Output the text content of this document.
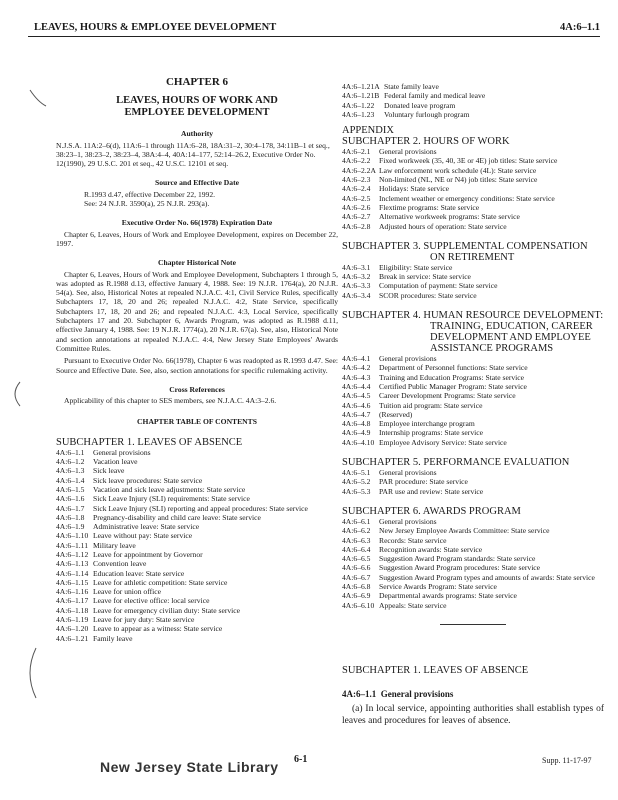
LEAVES, HOURS & EMPLOYEE DEVELOPMENT	4A:6–1.1
CHAPTER 6
LEAVES, HOURS OF WORK AND
EMPLOYEE DEVELOPMENT
Authority
N.J.S.A. 11A:2–6(d), 11A:6–1 through 11A:6–28, 18A:31–2, 30:4–178, 34:11B–1 et seq., 38:23–1, 38:23–2, 38:23–4, 38A:4–4, 40A:14–177, 52:14–26.2, Executive Order No. 12(1990), 29 U.S.C. 201 et seq., 42 U.S.C. 12101 et seq.
Source and Effective Date
R.1993 d.47, effective December 22, 1992.
See: 24 N.J.R. 3590(a), 25 N.J.R. 293(a).
Executive Order No. 66(1978) Expiration Date
Chapter 6, Leaves, Hours of Work and Employee Development, expires on December 22, 1997.
Chapter Historical Note
Chapter 6, Leaves, Hours of Work and Employee Development, Subchapters 1 through 5, was adopted as R.1988 d.13, effective January 4, 1988. See: 19 N.J.R. 1764(a), 20 N.J.R. 54(a). See, also, Historical Notes at repealed N.J.A.C. 4:1, Civil Service Rules, specifically Subchapters 17, 18, 20 and 26; repealed N.J.A.C. 4:2, State Service, specifically Subchapters 17, 18, 20 and 26; and repealed N.J.A.C. 4:3, Local Service, specifically Subchapters 17 and 20. Subchapter 6, Awards Program, was adopted as R.1988 d.11, effective January 4, 1988. See: 19 N.J.R. 1774(a), 20 N.J.R. 67(a). See, also, Historical Note and section annotations at repealed N.J.A.C. 4:4, New Jersey State Employees' Awards Committee Rules.
Pursuant to Executive Order No. 66(1978), Chapter 6 was readopted as R.1993 d.47. See: Source and Effective Date. See, also, section annotations for specific rulemaking activity.
Cross References
Applicability of this chapter to SES members, see N.J.A.C. 4A:3–2.6.
CHAPTER TABLE OF CONTENTS
SUBCHAPTER 1. LEAVES OF ABSENCE
4A:6–1.1	General provisions
4A:6–1.2	Vacation leave
4A:6–1.3	Sick leave
4A:6–1.4	Sick leave procedures: State service
4A:6–1.5	Vacation and sick leave adjustments: State service
4A:6–1.6	Sick Leave Injury (SLI) requirements: State service
4A:6–1.7	Sick Leave Injury (SLI) reporting and appeal procedures: State service
4A:6–1.8	Pregnancy-disability and child care leave: State service
4A:6–1.9	Administrative leave: State service
4A:6–1.10 Leave without pay: State service
4A:6–1.11 Military leave
4A:6–1.12 Leave for appointment by Governor
4A:6–1.13 Convention leave
4A:6–1.14 Education leave: State service
4A:6–1.15 Leave for athletic competition: State service
4A:6–1.16 Leave for union office
4A:6–1.17 Leave for elective office: local service
4A:6–1.18 Leave for emergency civilian duty: State service
4A:6–1.19 Leave for jury duty: State service
4A:6–1.20 Leave to appear as a witness: State service
4A:6–1.21 Family leave
4A:6–1.21A State family leave
4A:6–1.21B Federal family and medical leave
4A:6–1.22	Donated leave program
4A:6–1.23	Voluntary furlough program
APPENDIX
SUBCHAPTER 2. HOURS OF WORK
4A:6–2.1	General provisions
4A:6–2.2	Fixed workweek (35, 40, 3E or 4E) job titles: State service
4A:6–2.2A Law enforcement work schedule (4L): State service
4A:6–2.3	Non-limited (NL, NE or N4) job titles: State service
4A:6–2.4	Holidays: State service
4A:6–2.5	Inclement weather or emergency conditions: State service
4A:6–2.6	Flextime programs: State service
4A:6–2.7	Alternative workweek programs: State service
4A:6–2.8	Adjusted hours of operation: State service
SUBCHAPTER 3. SUPPLEMENTAL COMPENSATION ON RETIREMENT
4A:6–3.1	Eligibility: State service
4A:6–3.2	Break in service: State service
4A:6–3.3	Computation of payment: State service
4A:6–3.4	SCOR procedures: State service
SUBCHAPTER 4. HUMAN RESOURCE DEVELOPMENT: TRAINING, EDUCATION, CAREER DEVELOPMENT AND EMPLOYEE ASSISTANCE PROGRAMS
4A:6–4.1	General provisions
4A:6–4.2	Department of Personnel functions: State service
4A:6–4.3	Training and Education Programs: State service
4A:6–4.4	Certified Public Manager Program: State service
4A:6–4.5	Career Development Programs: State service
4A:6–4.6	Tuition aid program: State service
4A:6–4.7	(Reserved)
4A:6–4.8	Employee interchange program
4A:6–4.9	Internship programs: State service
4A:6–4.10 Employee Advisory Service: State service
SUBCHAPTER 5. PERFORMANCE EVALUATION
4A:6–5.1	General provisions
4A:6–5.2	PAR procedure: State service
4A:6–5.3	PAR use and review: State service
SUBCHAPTER 6. AWARDS PROGRAM
4A:6–6.1	General provisions
4A:6–6.2	New Jersey Employee Awards Committee: State service
4A:6–6.3	Records: State service
4A:6–6.4	Recognition awards: State service
4A:6–6.5	Suggestion Award Program standards: State service
4A:6–6.6	Suggestion Award Program procedures: State service
4A:6–6.7	Suggestion Award Program types and amounts of awards: State service
4A:6–6.8	Service Awards Program: State service
4A:6–6.9	Departmental awards programs: State service
4A:6–6.10 Appeals: State service
SUBCHAPTER 1. LEAVES OF ABSENCE
4A:6–1.1 General provisions
(a) In local service, appointing authorities shall establish types of leaves and procedures for leaves of absence.
New Jersey State Library 6-1	Supp. 11-17-97
